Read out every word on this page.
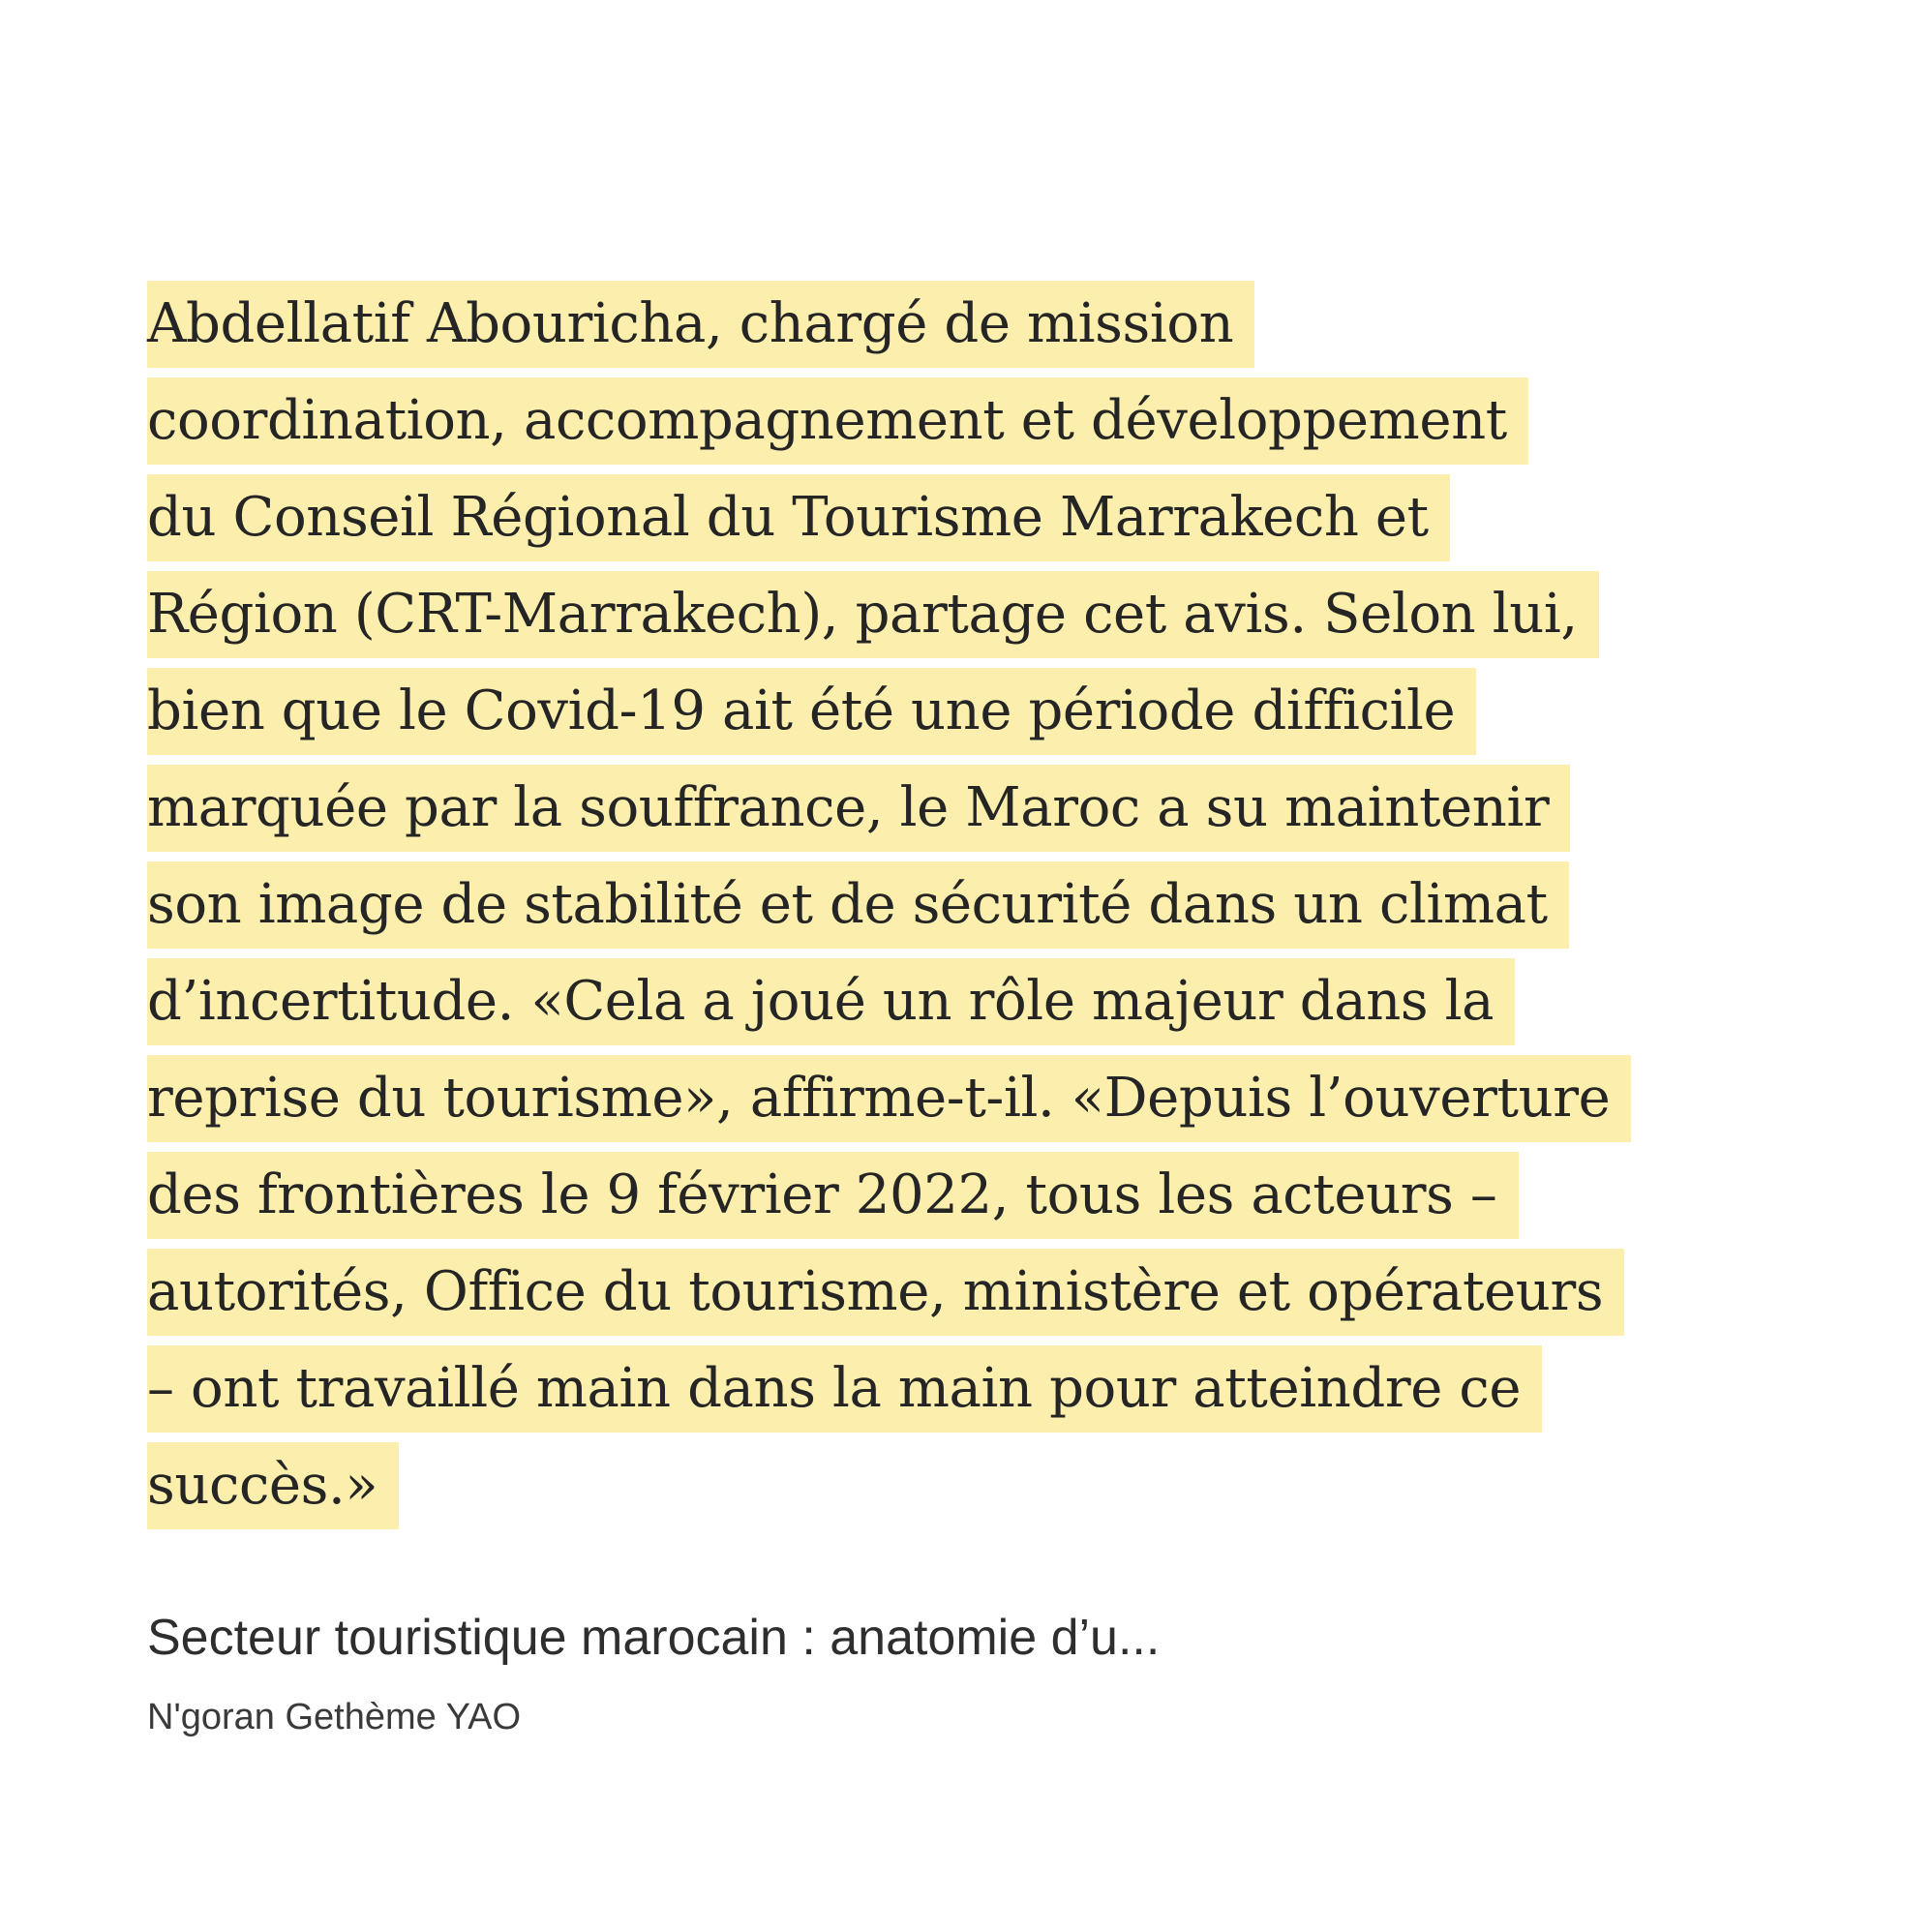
Abdellatif Abouricha, chargé de mission
coordination, accompagnement et développement
du Conseil Régional du Tourisme Marrakech et
Région (CRT-Marrakech), partage cet avis. Selon lui,
bien que le Covid-19 ait été une période difficile
marquée par la souffrance, le Maroc a su maintenir
son image de stabilité et de sécurité dans un climat
d’incertitude. «Cela a joué un rôle majeur dans la
reprise du tourisme», affirme-t-il. «Depuis l’ouverture
des frontières le 9 février 2022, tous les acteurs –
autorités, Office du tourisme, ministère et opérateurs
– ont travaillé main dans la main pour atteindre ce
succès.»
Secteur touristique marocain : anatomie d’u...
N'goran Gethème YAO
